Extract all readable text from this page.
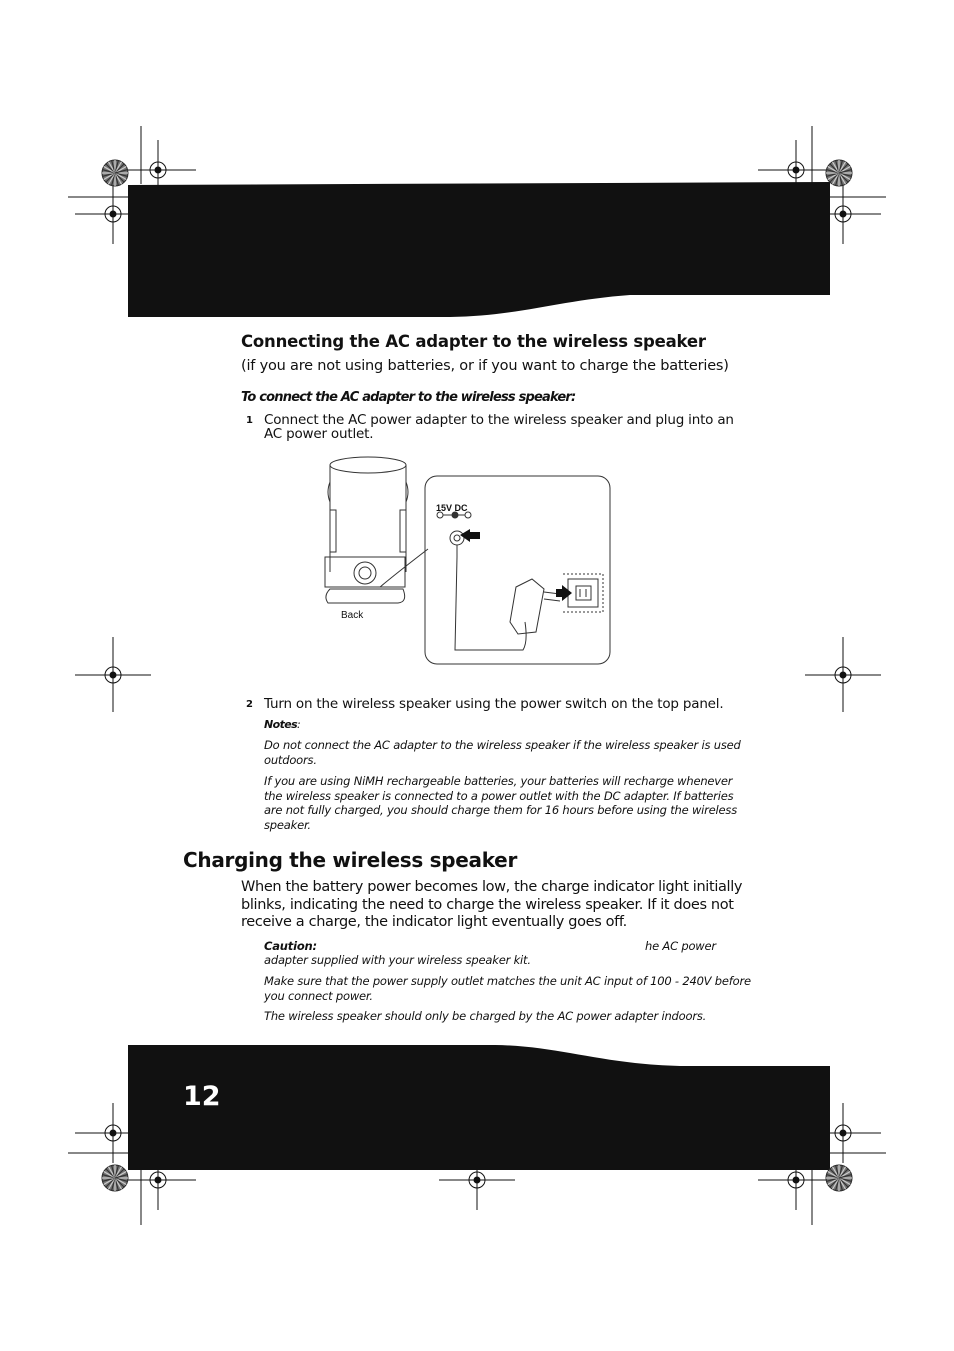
Connecting the AC adapter to the wireless speaker
(if you are not using batteries, or if you want to charge the batteries)
To connect the AC adapter to the wireless speaker:
1 Connect the AC power adapter to the wireless speaker and plug into an AC power outlet.
15V DC
Back
2 Turn on the wireless speaker using the power switch on the top panel.
Notes:
Do not connect the AC adapter to the wireless speaker if the wireless speaker is used outdoors.
If you are using NiMH rechargeable batteries, your batteries will recharge whenever the wireless speaker is connected to a power outlet with the DC adapter. If batteries are not fully charged, you should charge them for 16 hours before using the wireless speaker.
Charging the wireless speaker
When the battery power becomes low, the charge indicator light initially blinks, indicating the need to charge the wireless speaker. If it does not receive a charge, the indicator light eventually goes off.
Caution:	he AC power
adapter supplied with your wireless speaker kit.
Make sure that the power supply outlet matches the unit AC input of 100 - 240V before you connect power.
The wireless speaker should only be charged by the AC power adapter indoors.
12
